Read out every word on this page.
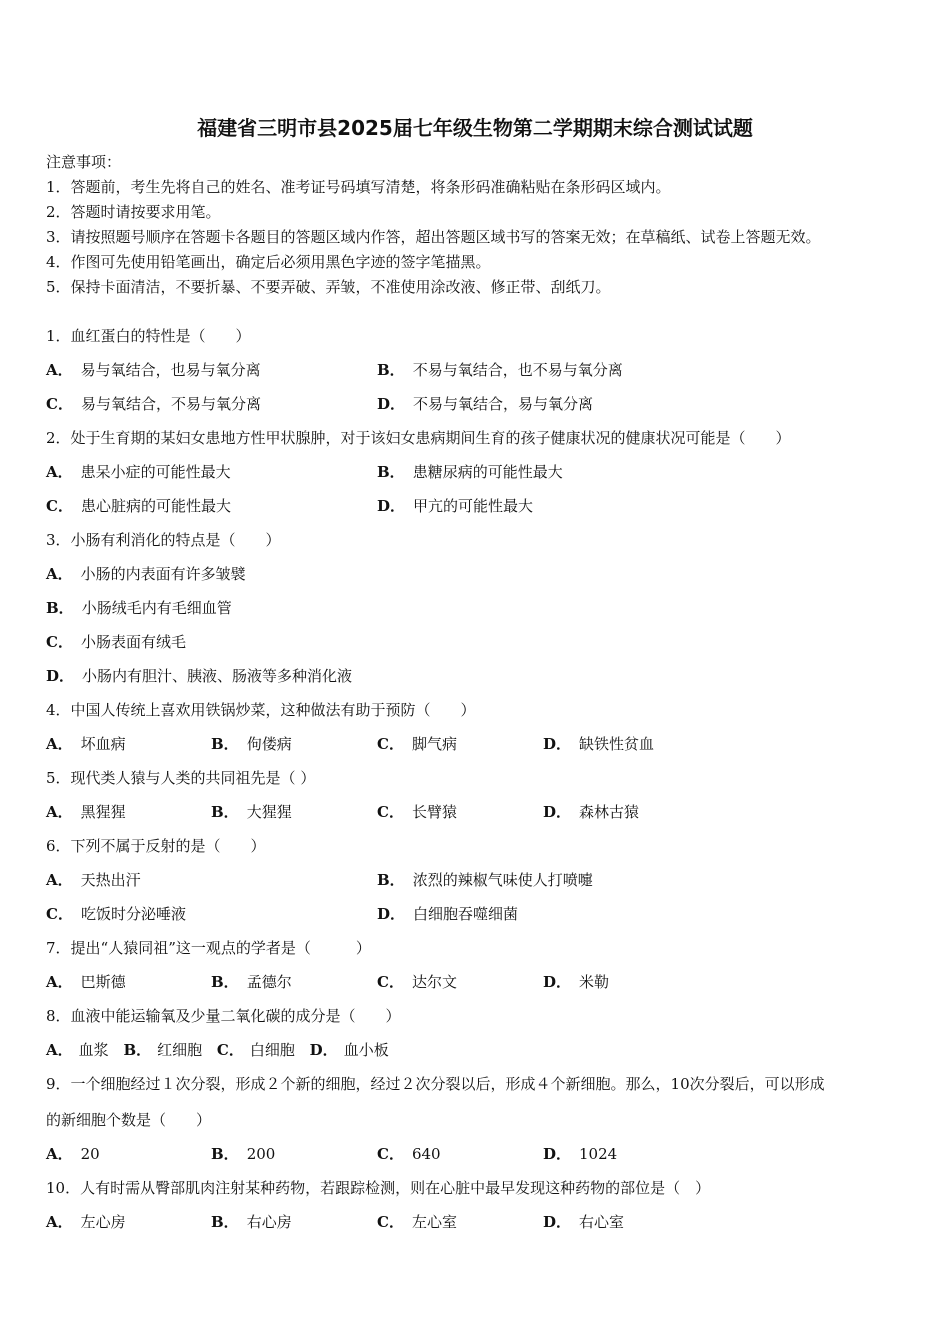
福建省三明市县2025届七年级生物第二学期期末综合测试试题
注意事项：
1．答题前，考生先将自己的姓名、准考证号码填写清楚，将条形码准确粘贴在条形码区域内。
2．答题时请按要求用笔。
3．请按照题号顺序在答题卡各题目的答题区域内作答，超出答题区域书写的答案无效；在草稿纸、试卷上答题无效。
4．作图可先使用铅笔画出，确定后必须用黑色字迹的签字笔描黑。
5．保持卡面清洁，不要折暴、不要弄破、弄皱，不准使用涂改液、修正带、刮纸刀。
1．血红蛋白的特性是（　　）
A． 易与氧结合，也易与氧分离	B． 不易与氧结合，也不易与氧分离
C． 易与氧结合，不易与氧分离	D． 不易与氧结合，易与氧分离
2．处于生育期的某妇女患地方性甲状腺肿，对于该妇女患病期间生育的孩子健康状况的健康状况可能是（　　）
A． 患呆小症的可能性最大	B． 患糖尿病的可能性最大
C． 患心脏病的可能性最大	D． 甲亢的可能性最大
3．小肠有利消化的特点是（　　）
A． 小肠的内表面有许多皱襞
B． 小肠绒毛内有毛细血管
C． 小肠表面有绒毛
D． 小肠内有胆汁、胰液、肠液等多种消化液
4．中国人传统上喜欢用铁锅炒菜，这种做法有助于预防（　　）
A． 坏血病	B． 佝偻病	C． 脚气病	D． 缺铁性贫血
5．现代类人猿与人类的共同祖先是（ ）
A． 黑猩猩	B． 大猩猩	C． 长臂猿	D． 森林古猿
6．下列不属于反射的是（　　）
A． 天热出汗	B． 浓烈的辣椒气味使人打喷嚏
C． 吃饭时分泌唾液	D． 白细胞吞噬细菌
7．提出“人猿同祖”这一观点的学者是（　　　）
A． 巴斯德	B． 孟德尔	C． 达尔文	D． 米勒
8．血液中能运输氧及少量二氧化碳的成分是（　　）
A． 血浆 B． 红细胞 C． 白细胞 D． 血小板
9．一个细胞经过１次分裂，形成２个新的细胞，经过２次分裂以后，形成４个新细胞。那么，10次分裂后，可以形成
的新细胞个数是（　　）
A． 20	B． 200	C． 640	D． 1024
10．人有时需从臀部肌肉注射某种药物，若跟踪检测，则在心脏中最早发现这种药物的部位是（　）
A． 左心房	B． 右心房	C． 左心室	D． 右心室
